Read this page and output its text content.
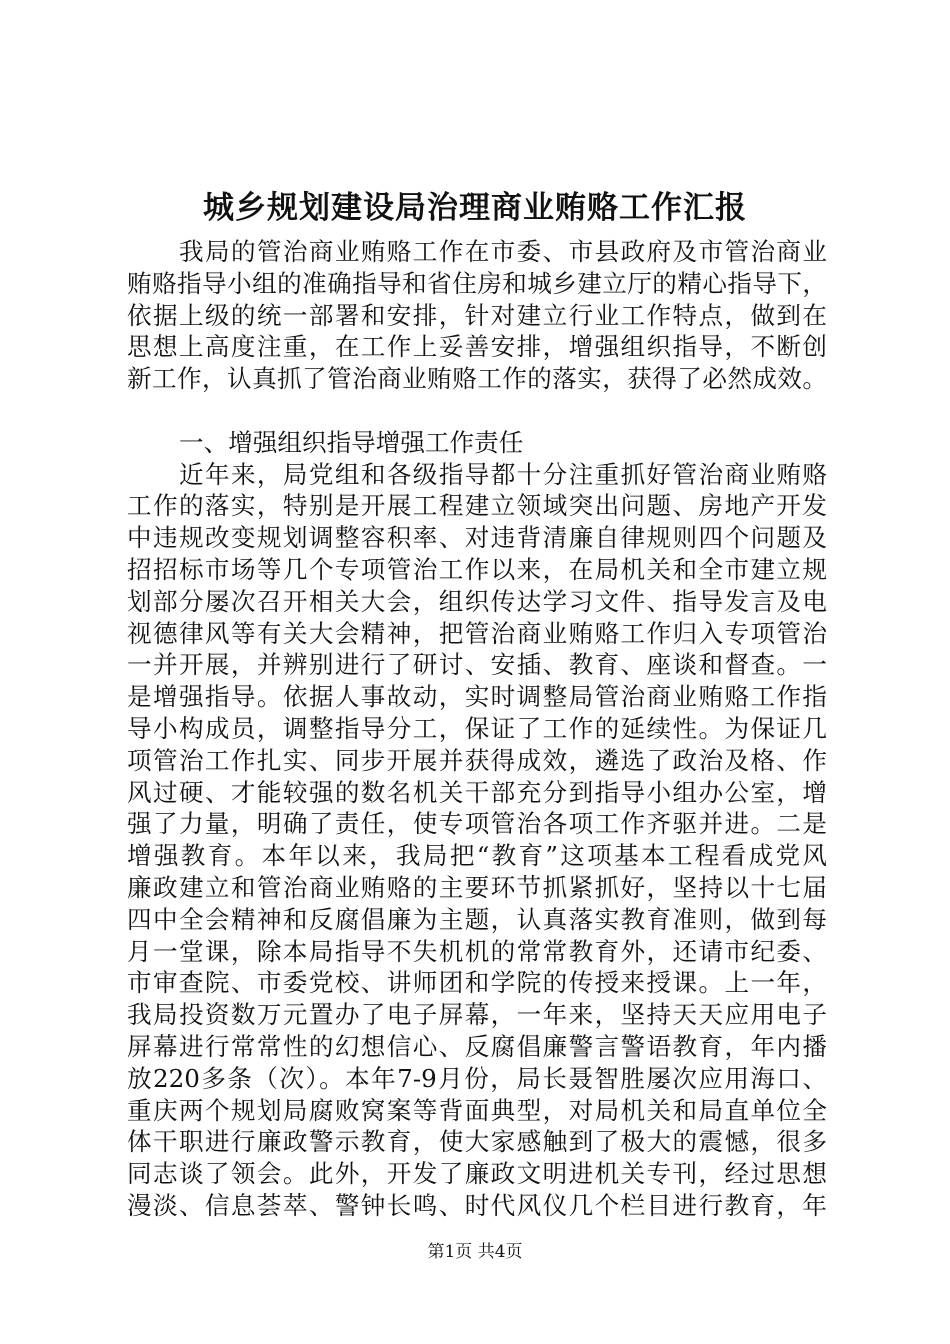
城乡规划建设局治理商业贿赂工作汇报
我局的管治商业贿赂工作在市委、市县政府及市管治商业
贿赂指导小组的准确指导和省住房和城乡建立厅的精心指导下，
依据上级的统一部署和安排，针对建立行业工作特点，做到在
思想上高度注重，在工作上妥善安排，增强组织指导，不断创
新工作，认真抓了管治商业贿赂工作的落实，获得了必然成效。
一、增强组织指导增强工作责任
近年来，局党组和各级指导都十分注重抓好管治商业贿赂
工作的落实，特别是开展工程建立领域突出问题、房地产开发
中违规改变规划调整容积率、对违背清廉自律规则四个问题及
招招标市场等几个专项管治工作以来，在局机关和全市建立规
划部分屡次召开相关大会，组织传达学习文件、指导发言及电
视德律风等有关大会精神，把管治商业贿赂工作归入专项管治
一并开展，并辨别进行了研讨、安插、教育、座谈和督查。一
是增强指导。依据人事故动，实时调整局管治商业贿赂工作指
导小构成员，调整指导分工，保证了工作的延续性。为保证几
项管治工作扎实、同步开展并获得成效，遴选了政治及格、作
风过硬、才能较强的数名机关干部充分到指导小组办公室，增
强了力量，明确了责任，使专项管治各项工作齐驱并进。二是
增强教育。本年以来，我局把“教育”这项基本工程看成党风
廉政建立和管治商业贿赂的主要环节抓紧抓好，坚持以十七届
四中全会精神和反腐倡廉为主题，认真落实教育准则，做到每
月一堂课，除本局指导不失机机的常常教育外，还请市纪委、
市审查院、市委党校、讲师团和学院的传授来授课。上一年，
我局投资数万元置办了电子屏幕，一年来，坚持天天应用电子
屏幕进行常常性的幻想信心、反腐倡廉警言警语教育，年内播
放220多条（次）。本年7-9月份，局长聂智胜屡次应用海口、
重庆两个规划局腐败窝案等背面典型，对局机关和局直单位全
体干职进行廉政警示教育，使大家感触到了极大的震憾，很多
同志谈了领会。此外，开发了廉政文明进机关专刊，经过思想
漫淡、信息荟萃、警钟长鸣、时代风仪几个栏目进行教育，年
第1页 共4页
